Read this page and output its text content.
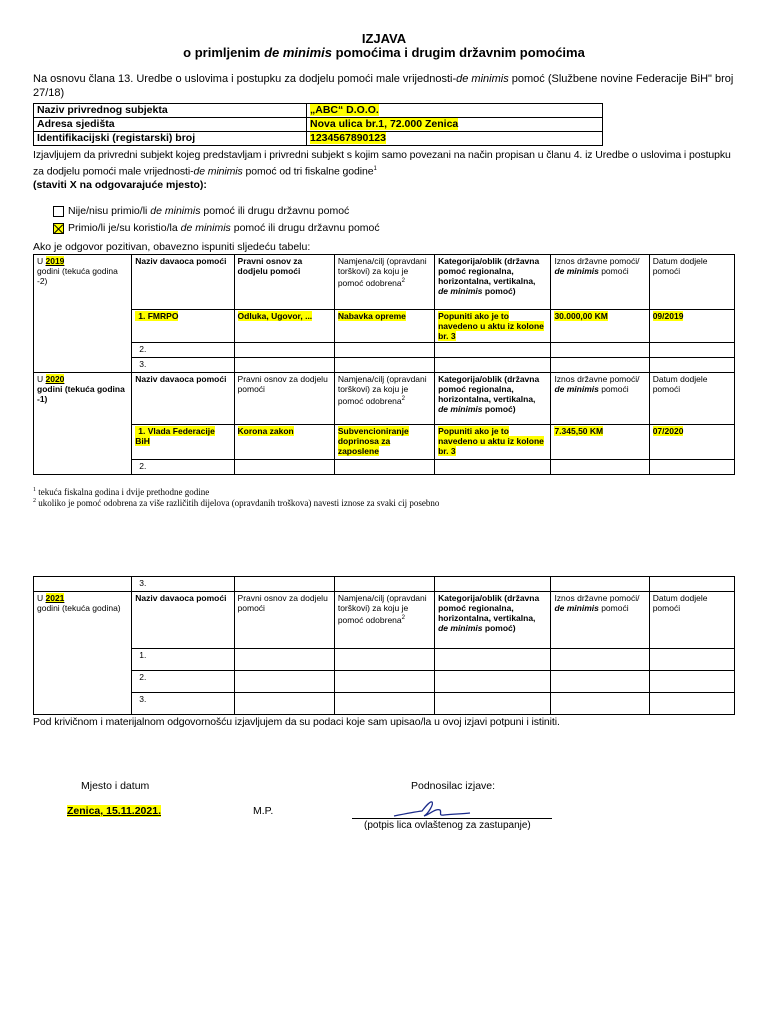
IZJAVA
o primljenim de minimis pomoćima i drugim državnim pomoćima
Na osnovu člana 13. Uredbe o uslovima i postupku za dodjelu pomoći male vrijednosti-de minimis pomoć (Službene novine Federacije BiH" broj 27/18)
Naziv privrednog subjekta	„ABC“ D.O.O.
Adresa sjedišta	Nova ulica br.1, 72.000 Zenica
Identifikacijski (registarski) broj	1234567890123
Izjavljujem da privredni subjekt kojeg predstavljam i privredni subjekt s kojim samo povezani na način propisan u članu 4. iz Uredbe o uslovima i postupku za dodjelu pomoći male vrijednosti-de minimis pomoć od tri fiskalne godine$^1$
(staviti X na odgovarajuće mjesto):
Nije/nisu primio/li de minimis pomoć ili drugu državnu pomoć
Primio/li je/su koristio/la de minimis pomoć ili drugu državnu pomoć
Ako je odgovor pozitivan, obavezno ispuniti sljedeću tabelu:
U 2019
godini (tekuća godina -2)	Naziv davaoca pomoći	Pravni osnov za dodjelu pomoći	Namjena/cilj (opravdani torškovi) za koju je pomoć odobrena$^2$	Kategorija/oblik (državna pomoć regionalna, horizontalna, vertikalna, de minimis pomoć)	Iznos državne pomoći/ de minimis pomoći	Datum dodjele pomoći
	1. FMRPO	Odluka, Ugovor, ...	Nabavka opreme	Popuniti ako je to navedeno u aktu iz kolone br. 3	30.000,00 KM	09/2019
	2.					
	3.					
U 2020
godini (tekuća godina -1)	Naziv davaoca pomoći	Pravni osnov za dodjelu pomoći	Namjena/cilj (opravdani torškovi) za koju je pomoć odobrena$^2$	Kategorija/oblik (državna pomoć regionalna, horizontalna, vertikalna, de minimis pomoć)	Iznos državne pomoći/ de minimis pomoći	Datum dodjele pomoći
	1. Vlada Federacije BiH	Korona zakon	Subvencioniranje doprinosa za zaposlene	Popuniti ako je to navedeno u aktu iz kolone br. 3	7.345,50 KM	07/2020
	2.					
$^1$ tekuća fiskalna godina i dvije prethodne godine
$^2$ ukoliko je pomoć odobrena za više različitih dijelova (opravdanih troškova) navesti iznose za svaki cij posebno
	3.					
U 2021
godini (tekuća godina)	Naziv davaoca pomoći	Pravni osnov za dodjelu pomoći	Namjena/cilj (opravdani torškovi) za koju je pomoć odobrena$^2$	Kategorija/oblik (državna pomoć regionalna, horizontalna, vertikalna, de minimis pomoć)	Iznos državne pomoći/ de minimis pomoći	Datum dodjele pomoći
	1.					
	2.					
	3.					
Pod krivičnom i materijalnom odgovornošću izjavljujem da su podaci koje sam upisao/la u ovoj izjavi potpuni i istiniti.
Mjesto i datum	Podnosilac izjave:
Zenica, 15.11.2021.	M.P.
(potpis lica ovlaštenog za zastupanje)
